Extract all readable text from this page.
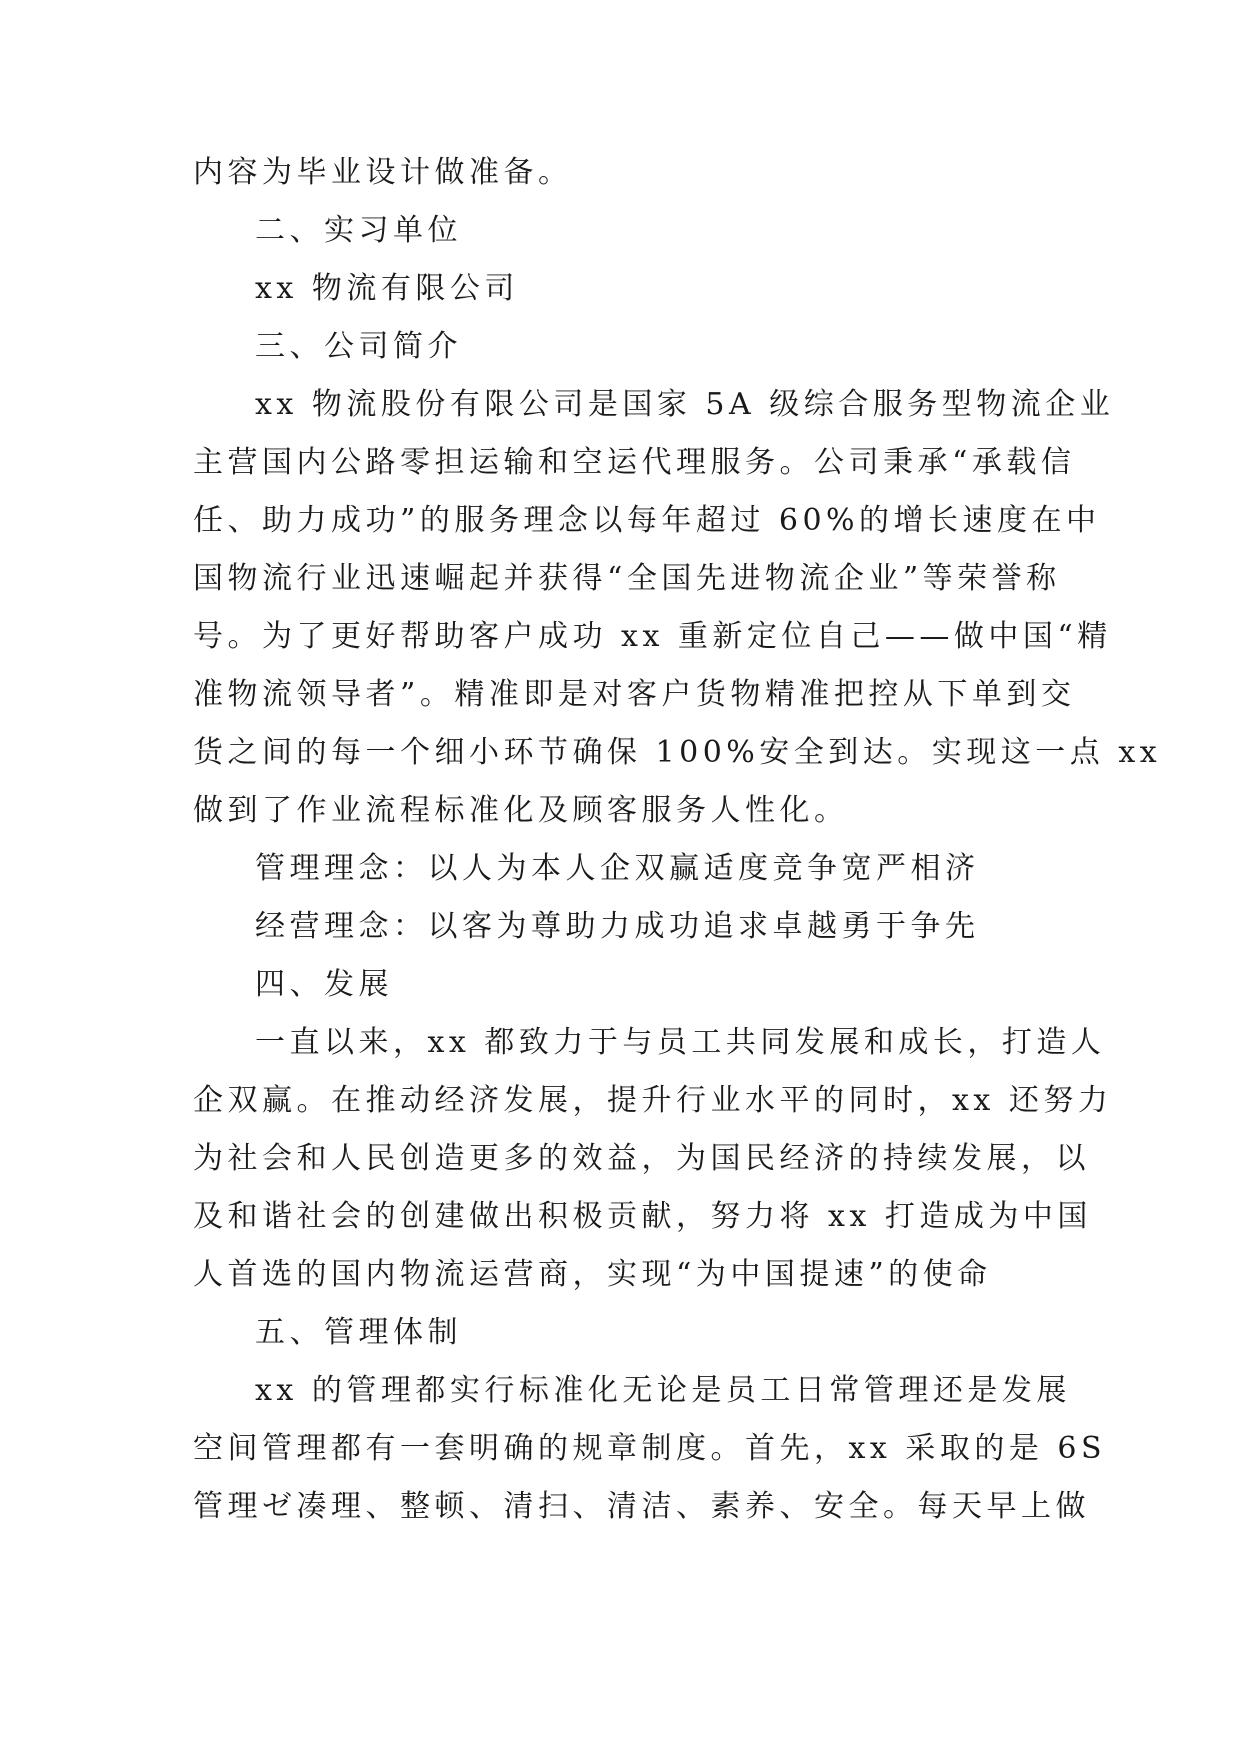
内容为毕业设计做准备。
二、实习单位
xx 物流有限公司
三、公司简介
xx 物流股份有限公司是国家 5A 级综合服务型物流企业
主营国内公路零担运输和空运代理服务。公司秉承“承载信
任、助力成功”的服务理念以每年超过 60%的增长速度在中
国物流行业迅速崛起并获得“全国先进物流企业”等荣誉称
号。为了更好帮助客户成功 xx 重新定位自己——做中国“精
准物流领导者”。精准即是对客户货物精准把控从下单到交
货之间的每一个细小环节确保 100%安全到达。实现这一点 xx
做到了作业流程标准化及顾客服务人性化。
管理理念：以人为本人企双赢适度竞争宽严相济
经营理念：以客为尊助力成功追求卓越勇于争先
四、发展
一直以来，xx 都致力于与员工共同发展和成长，打造人
企双赢。在推动经济发展，提升行业水平的同时，xx 还努力
为社会和人民创造更多的效益，为国民经济的持续发展，以
及和谐社会的创建做出积极贡献，努力将 xx 打造成为中国
人首选的国内物流运营商，实现“为中国提速”的使命
五、管理体制
xx 的管理都实行标准化无论是员工日常管理还是发展
空间管理都有一套明确的规章制度。首先，xx 采取的是 6S
管理ゼ凑理、整顿、清扫、清洁、素养、安全。每天早上做
